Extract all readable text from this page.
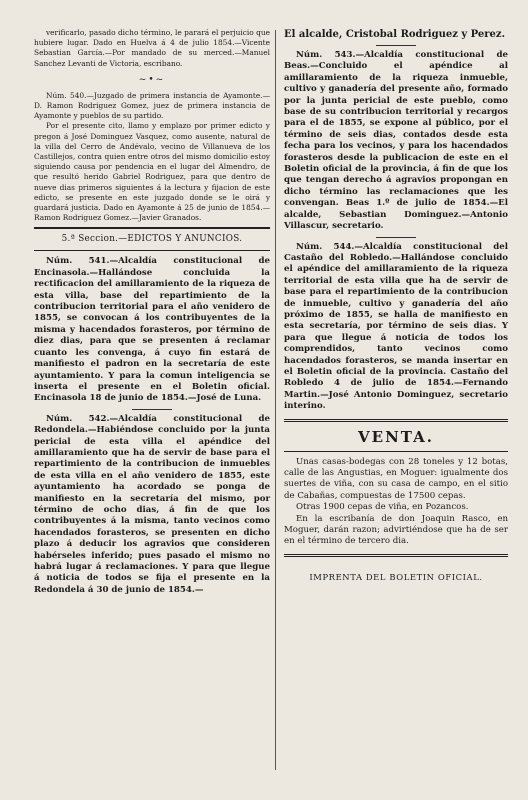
verificarlo, pasado dicho término, le parará el perjuicio que hubiere lugar. Dado en Huelva á 4 de julio 1854.—Vicente Sebastian García.—Por mandado de su merced.—Manuel Sanchez Levanti de Victoria, escribano.

~•~

Núm. 540.—Juzgado de primera instancia de Ayamonte.—D. Ramon Rodriguez Gomez, juez de primera instancia de Ayamonte y pueblos de su partido.

Por el presente cito, llamo y emplazo por primer edicto y pregon á José Dominguez Vasquez, como ausente, natural de la villa del Cerro de Andévalo, vecino de Villanueva de los Castillejos, contra quien entre otros del mismo domicilio estoy siguiendo causa por pendencia en el lugar del Almendro, de que resultó herido Gabriel Rodriguez, para que dentro de nueve dias primeros siguientes á la lectura y fijacion de este edicto, se presente en este juzgado donde se le oirá y guardará justicia. Dado en Ayamonte á 25 de junio de 1854.—Ramon Rodriguez Gomez.—Javier Granados.

5.ª Seccion.—EDICTOS Y ANUNCIOS.

Núm. 541.—Alcaldía constitucional de Encinasola.—Hallándose concluida la rectificacion del amillaramiento de la riqueza de esta villa, base del repartimiento de la contribucion territorial para el año venidero de 1855, se convocan á los contribuyentes de la misma y hacendados forasteros, por término de diez dias, para que se presenten á reclamar cuanto les convenga, á cuyo fin estará de manifiesto el padron en la secretaría de este ayuntamiento. Y para la comun inteligencia se inserta el presente en el Boletin oficial. Encinasola 18 de junio de 1854.—José de Luna.

Núm. 542.—Alcaldía constitucional de Redondela.—Habiéndose concluido por la junta pericial de esta villa el apéndice del amillaramiento que ha de servir de base para el repartimiento de la contribucion de inmuebles de esta villa en el año venidero de 1855, este ayuntamiento ha acordado se ponga de manifiesto en la secretaría del mismo, por término de ocho dias, á fin de que los contribuyentes á la misma, tanto vecinos como hacendados forasteros, se presenten en dicho plazo á deducir los agravios que consideren habérseles inferido; pues pasado el mismo no habrá lugar á reclamaciones. Y para que llegue á noticia de todos se fija el presente en la Redondela á 30 de junio de 1854.—

El alcalde, Cristobal Rodriguez y Perez.

Núm. 543.—Alcaldía constitucional de Beas.—Concluido el apéndice al amillaramiento de la riqueza inmueble, cultivo y ganadería del presente año, formado por la junta pericial de este pueblo, como base de su contribucion territorial y recargos para el de 1855, se expone al público, por el término de seis dias, contados desde esta fecha para los vecinos, y para los hacendados forasteros desde la publicacion de este en el Boletin oficial de la provincia, á fin de que los que tengan derecho á agravios propongan en dicho término las reclamaciones que les convengan. Beas 1.º de julio de 1854.—El alcalde, Sebastian Dominguez.—Antonio Villascur, secretario.

Núm. 544.—Alcaldía constitucional del Castaño del Robledo.—Hallándose concluido el apéndice del amillaramiento de la riqueza territorial de esta villa que ha de servir de base para el repartimiento de la contribucion de inmueble, cultivo y ganadería del año próximo de 1855, se halla de manifiesto en esta secretaría, por término de seis dias. Y para que llegue á noticia de todos los comprendidos, tanto vecinos como hacendados forasteros, se manda insertar en el Boletin oficial de la provincia. Castaño del Robledo 4 de julio de 1854.—Fernando Martin.—José Antonio Dominguez, secretario interino.

VENTA.

Unas casas-bodegas con 28 toneles y 12 botas, calle de las Angustias, en Moguer: igualmente dos suertes de viña, con su casa de campo, en el sitio de Cabañas, compuestas de 17500 cepas.

Otras 1900 cepas de viña, en Pozancos.

En la escribanía de don Joaquin Rasco, en Moguer, darán razon; advirtiéndose que ha de ser en el término de tercero dia.

IMPRENTA DEL BOLETIN OFICIAL.
